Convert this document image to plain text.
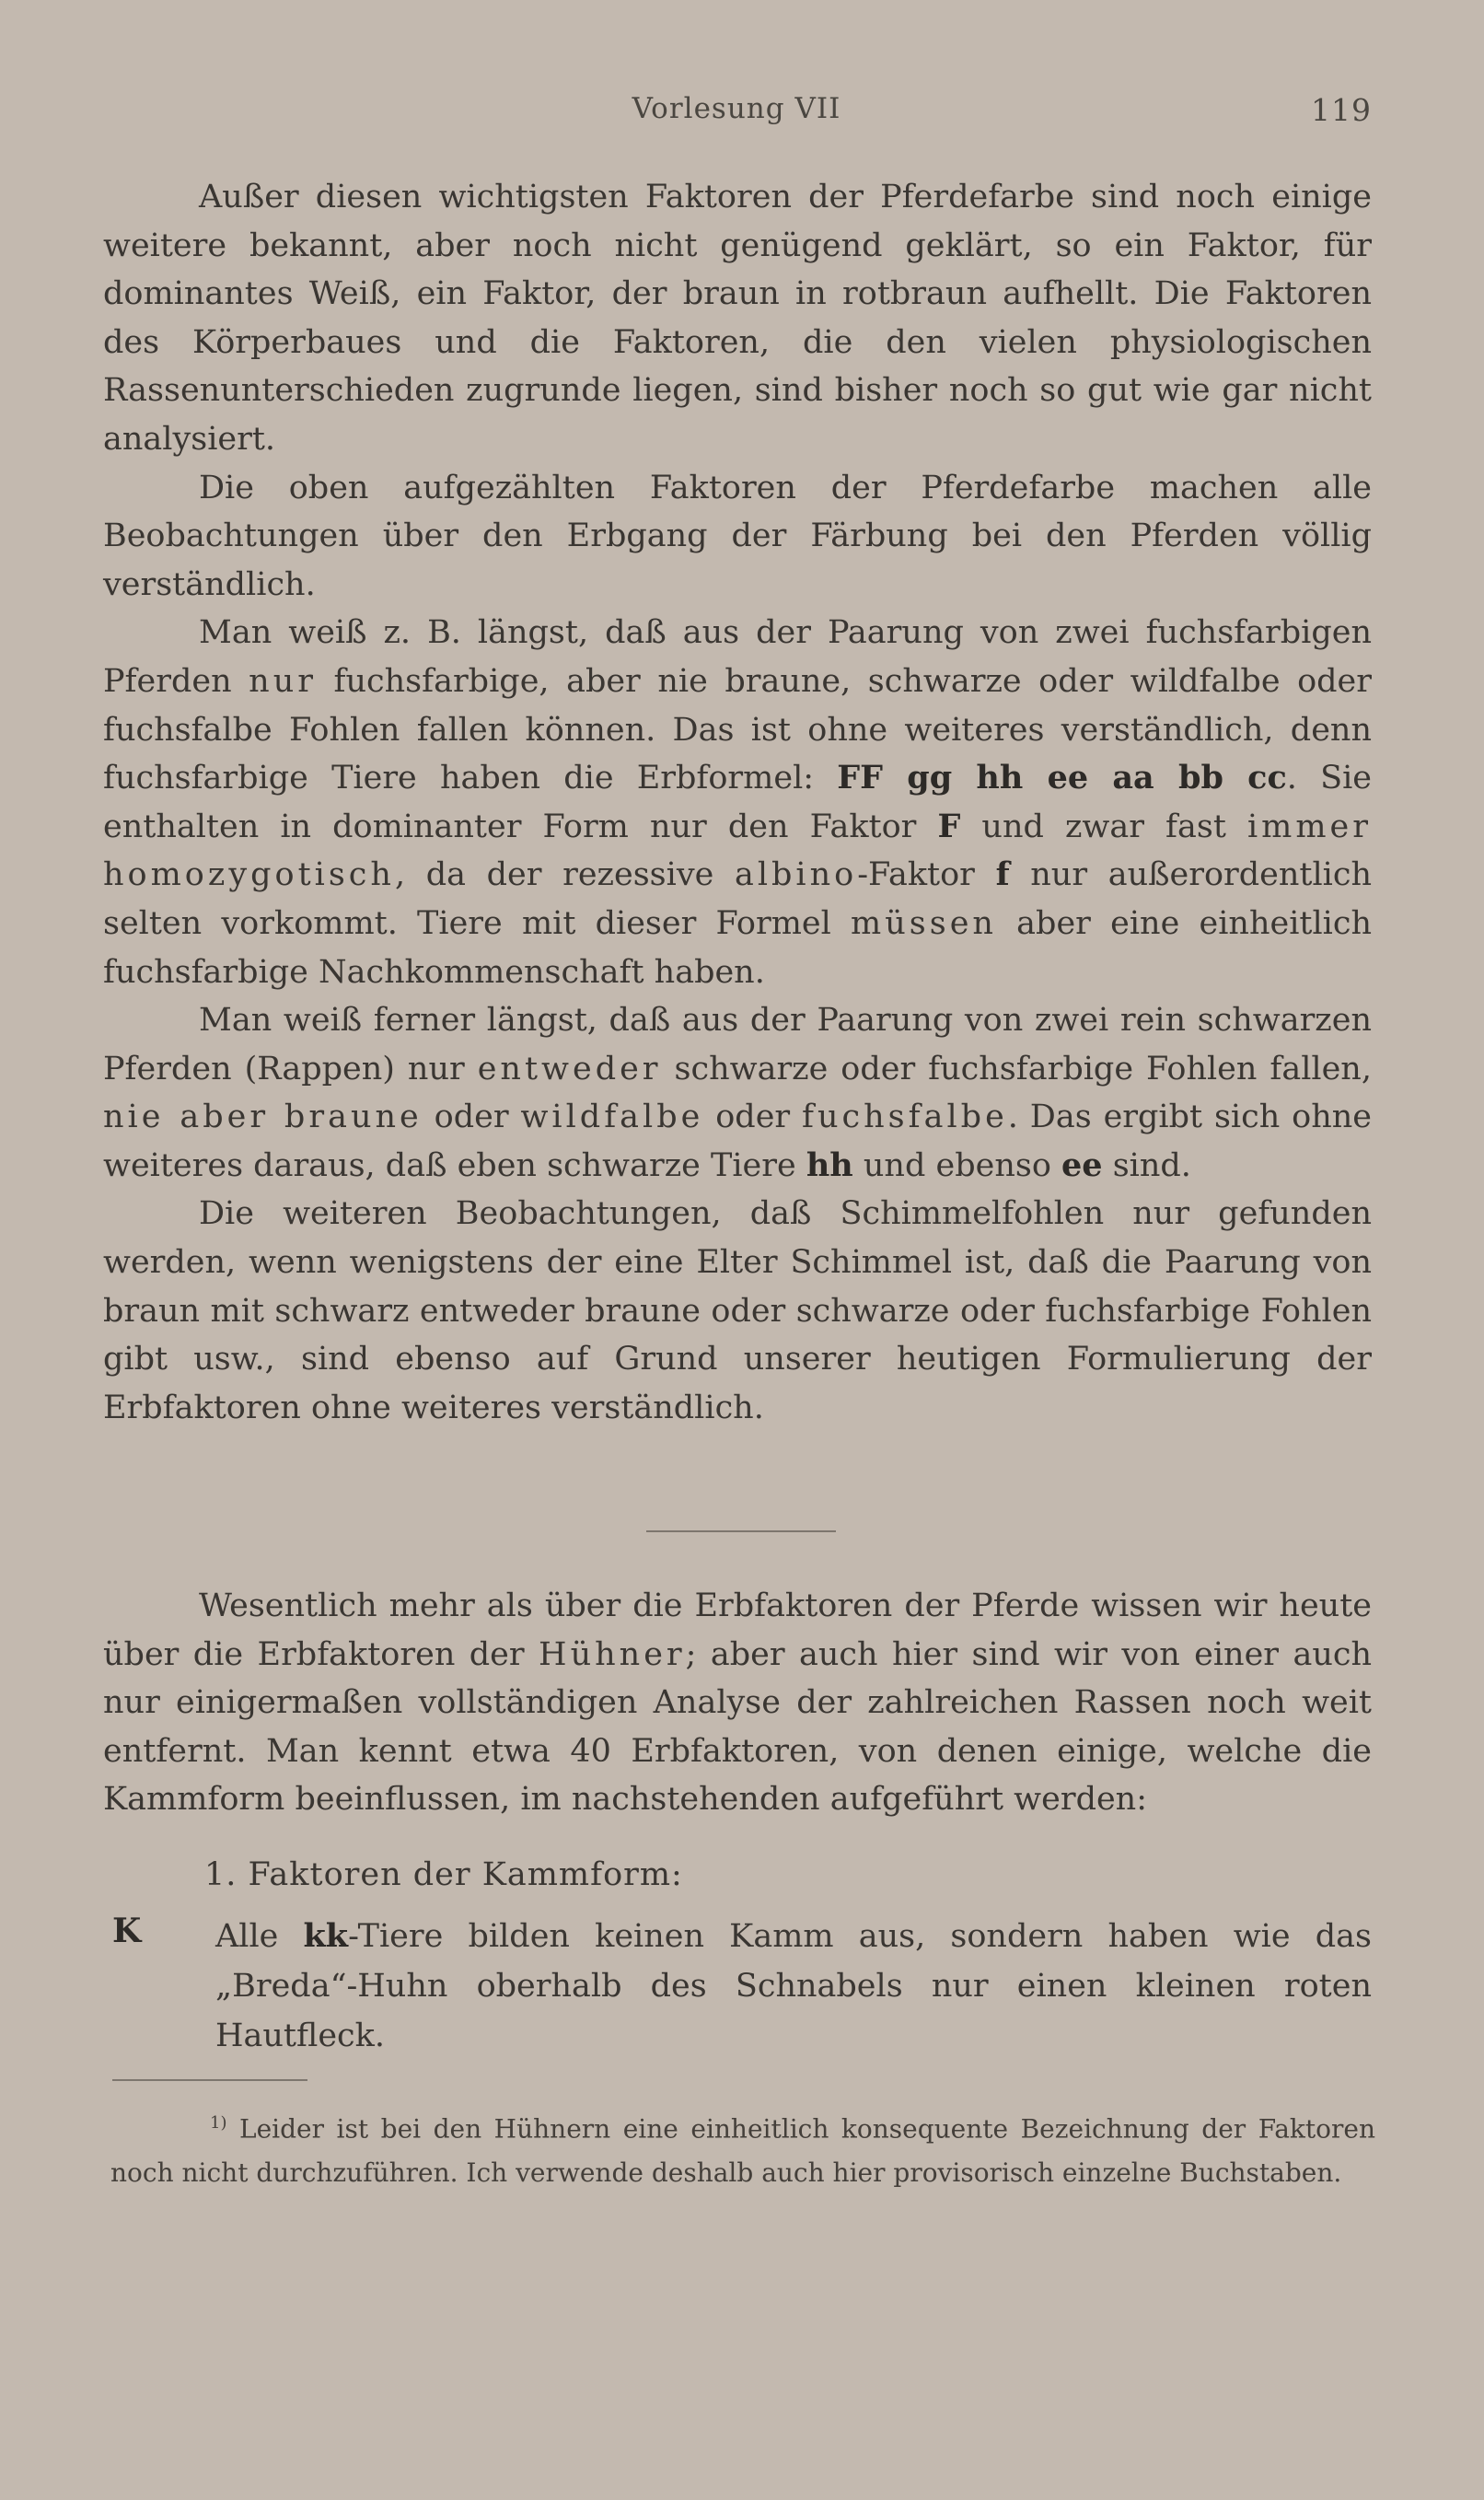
Vorlesung VII	119

Außer diesen wichtigsten Faktoren der Pferdefarbe sind noch einige weitere bekannt, aber noch nicht genügend geklärt, so ein Faktor, für dominantes Weiß, ein Faktor, der braun in rotbraun aufhellt. Die Faktoren des Körperbaues und die Faktoren, die den vielen physiologischen Rassenunterschieden zugrunde liegen, sind bisher noch so gut wie gar nicht analysiert.

Die oben aufgezählten Faktoren der Pferdefarbe machen alle Beobachtungen über den Erbgang der Färbung bei den Pferden völlig verständlich.

Man weiß z. B. längst, daß aus der Paarung von zwei fuchsfarbigen Pferden nur fuchsfarbige, aber nie braune, schwarze oder wildfalbe oder fuchsfalbe Fohlen fallen können. Das ist ohne weiteres verständlich, denn fuchsfarbige Tiere haben die Erbformel: FF gg hh ee aa bb cc. Sie enthalten in dominanter Form nur den Faktor F und zwar fast immer homozygotisch, da der rezessive albino-Faktor f nur außerordentlich selten vorkommt. Tiere mit dieser Formel müssen aber eine einheitlich fuchsfarbige Nachkommenschaft haben.

Man weiß ferner längst, daß aus der Paarung von zwei rein schwarzen Pferden (Rappen) nur entweder schwarze oder fuchsfarbige Fohlen fallen, nie aber braune oder wildfalbe oder fuchsfalbe. Das ergibt sich ohne weiteres daraus, daß eben schwarze Tiere hh und ebenso ee sind.

Die weiteren Beobachtungen, daß Schimmelfohlen nur gefunden werden, wenn wenigstens der eine Elter Schimmel ist, daß die Paarung von braun mit schwarz entweder braune oder schwarze oder fuchsfarbige Fohlen gibt usw., sind ebenso auf Grund unserer heutigen Formulierung der Erbfaktoren ohne weiteres verständlich.

Wesentlich mehr als über die Erbfaktoren der Pferde wissen wir heute über die Erbfaktoren der Hühner; aber auch hier sind wir von einer auch nur einigermaßen vollständigen Analyse der zahlreichen Rassen noch weit entfernt. Man kennt etwa 40 Erbfaktoren, von denen einige, welche die Kammform beeinflussen, im nachstehenden aufgeführt werden:

1. Faktoren der Kammform:
K Alle kk-Tiere bilden keinen Kamm aus, sondern haben wie das „Breda“-Huhn oberhalb des Schnabels nur einen kleinen roten Hautfleck.

$^{1)}$ Leider ist bei den Hühnern eine einheitlich konsequente Bezeichnung der Faktoren noch nicht durchzuführen. Ich verwende deshalb auch hier provisorisch einzelne Buchstaben.
